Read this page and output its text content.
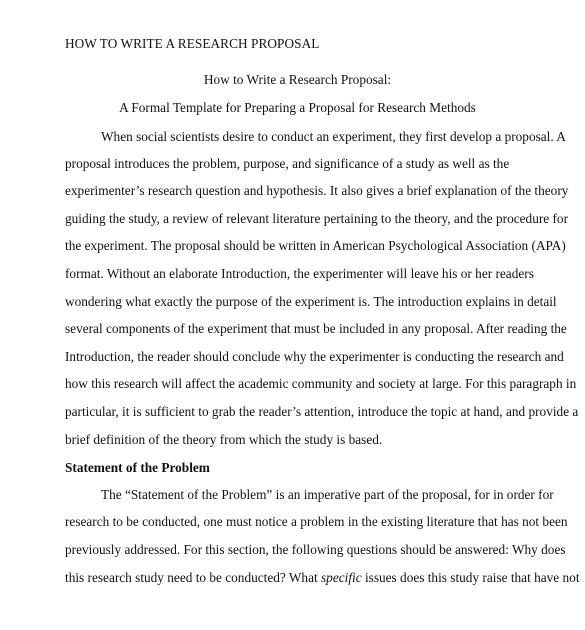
HOW TO WRITE A RESEARCH PROPOSAL
How to Write a Research Proposal:
A Formal Template for Preparing a Proposal for Research Methods
When social scientists desire to conduct an experiment, they first develop a proposal. A
proposal introduces the problem, purpose, and significance of a study as well as the
experimenter’s research question and hypothesis. It also gives a brief explanation of the theory
guiding the study, a review of relevant literature pertaining to the theory, and the procedure for
the experiment. The proposal should be written in American Psychological Association (APA)
format. Without an elaborate Introduction, the experimenter will leave his or her readers
wondering what exactly the purpose of the experiment is. The introduction explains in detail
several components of the experiment that must be included in any proposal. After reading the
Introduction, the reader should conclude why the experimenter is conducting the research and
how this research will affect the academic community and society at large. For this paragraph in
particular, it is sufficient to grab the reader’s attention, introduce the topic at hand, and provide a
brief definition of the theory from which the study is based.
Statement of the Problem
The “Statement of the Problem” is an imperative part of the proposal, for in order for
research to be conducted, one must notice a problem in the existing literature that has not been
previously addressed. For this section, the following questions should be answered: Why does
this research study need to be conducted? What specific issues does this study raise that have not
